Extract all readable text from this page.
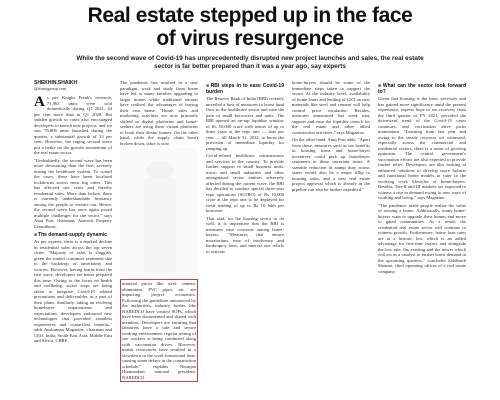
Real estate stepped up in the face
of virus resurgence
While the second wave of Covid-19 has unprecedentedly disrupted new project launches and sales, the real estate
sector is far better prepared than it was a year ago, say experts
SHEKHIN.SHAIKH
@timesgroup.com

As per Knight Frank's research, 71,963 units were sold domestically during Q1 2021, 44 per cent more than in Q1 2020. But sudden growth in cases also encouraged developers to launch new projects, and we saw 76,006 units launched during the quarter, a substantial growth of 33 per cent. However, the raging second wave put a brake on the growth momentum of the real estate sector.

"Undoubtedly, the second wave has been more devastating than the first, severely testing the healthcare system. To curtail the cases, there have been localised lockdowns across most big cities. This has affected site visits and thereby residential sales. More than before, there is currently understandable hesitancy among the people to venture out. Hence, the second wave has once again posed multiple challenges for the sector," says Anuj Puri, chairman, Anarock Property Consultants.

■The demand-supply dynamic

As per experts, there is a marked decline in residential sales across the top seven cities. "Majority of sales is sluggish, given the muted consumer sentiment due to the backdrop of uncertainty and worries. However, having learnt from the first wave, developers are better prepared this time. Owing to the focus on health and wellbeing, active steps are being taken to integrate Covid-19 related precautions and deliverables as a part of their plans. Similarly, taking an evolving homebuyer requirements and expectations, developers embraced new technologies that provided seamless experiences and contactless benefits," adds Anshuman Magazine, chairman and CEO, India, South-East Asia, Middle East and Africa, CBRE.

The pandemic has resulted in a new paradigm, work and study from home have led to many families upgrading to larger homes while traditional tenants have realised the advantages of buying their own home. "Home, sales and marketing activities are now primarily shifted to digital platforms and home-seekers are using these virtual platforms to book their dream homes. On the other hand, while the supply chain hasn't broken down, labor is now

material prices like steel, cement, aluminium, PVC pipes, etc. are impacting project economics. Following the guidelines announced by the authorities, industry bodies like NAREDCO have created SOPs, which have been documented and shared with members. Developers are ensuring that labourers have a safe and secure working environment, regular testing of site workers is being conducted along with vaccination drives. However, transit restrictions have resulted in a slowdown in the work turnaround time, causing some delays in the construction schedule," explains Niranjan Hiranandani, national president, NAREDCO.

■RBI steps in to ease Covid-19 burden

The Reserve Bank of India (RBI) recently unveiled a host of measures to boost fund flow to the healthcare sector and ease the pain of small borrowers and units. The RBI opened an on-tap liquidity window of Rs 50,000 crore with tenors of up to three years at the repo rate — four per cent — till March 31, 2022, to boost the provision of immediate liquidity for ramping up

Covid-related healthcare infrastructure and services in the country. To provide further support to small business units, micro and small industries and other unorganised sector entities adversely affected during the current wave, the RBI has decided to conduct special three-year repo operations (SLTRO) of Rs 10,000 crore at the repo rate to be deployed for fresh lending of up to Rs 10 lakh per borrower.

That said, for the housing sector to do well, it is imperative that the RBI is measures ease concerns among home-buyers. "Measures that ensure moratorium, ease of insolvency and bankruptcy laws, and interest rate reliefs to activate

home-buyers should be some of the immediate steps taken to support the sector. At the industry level, availability of home loans and lending of GST on new materials like steel and cement will help control price escalation. Besides, measures announced last week may support and ease the liquidity crunch for the real estate and other allied construction activities," says Magazine.

On the other hand, Anuj Puri adds, "Apart from these, measures such as tax benefits in housing loans and home-buyer incentives could perk up homebuyer sentiment in these uncertain times. A sizeable reduction in stamp duty across states would also be a major fillip to housing sales, and a new real estate project approval which is already in the pipeline can also be further expedited."

■What can the sector look forward to?

Given that housing is the basic necessity and has gained more significance amid the present experience, experts hope to see recovery from the third quarter of FY 2021, provided the downward trend of the Covid-19 cases continues, and vaccination drive picks momentum. "Learning from last year and owing to the steady recovery we witnessed, especially across the commercial and residential sectors, there is a sense of growing optimism. The central government's vaccination efforts are also expected to provide further relief. Developers are also looking at enhanced solutions to develop more holistic and functional home models to cater to the evolving work lifestyles of home-buyers. Besides, Tier-II and III markets are expected to witness a rise in demand owing to new ways of working and living," says Magazine.

"The pandemic made people realise the value of owning a home. Additionally, many home-buyers want to upgrade their homes and move to gated communities. As a result, the residential real estate sector will continue to witness growth. Furthermore, home loan rates are at a historic low, which is an added advantage for first-time buyers and alongside the low rate, the existing and the newer which will act as a catalyst to further boost demand in the upcoming quarters," concludes Siddharth Sharma, chief operating officer of a real estate company.
